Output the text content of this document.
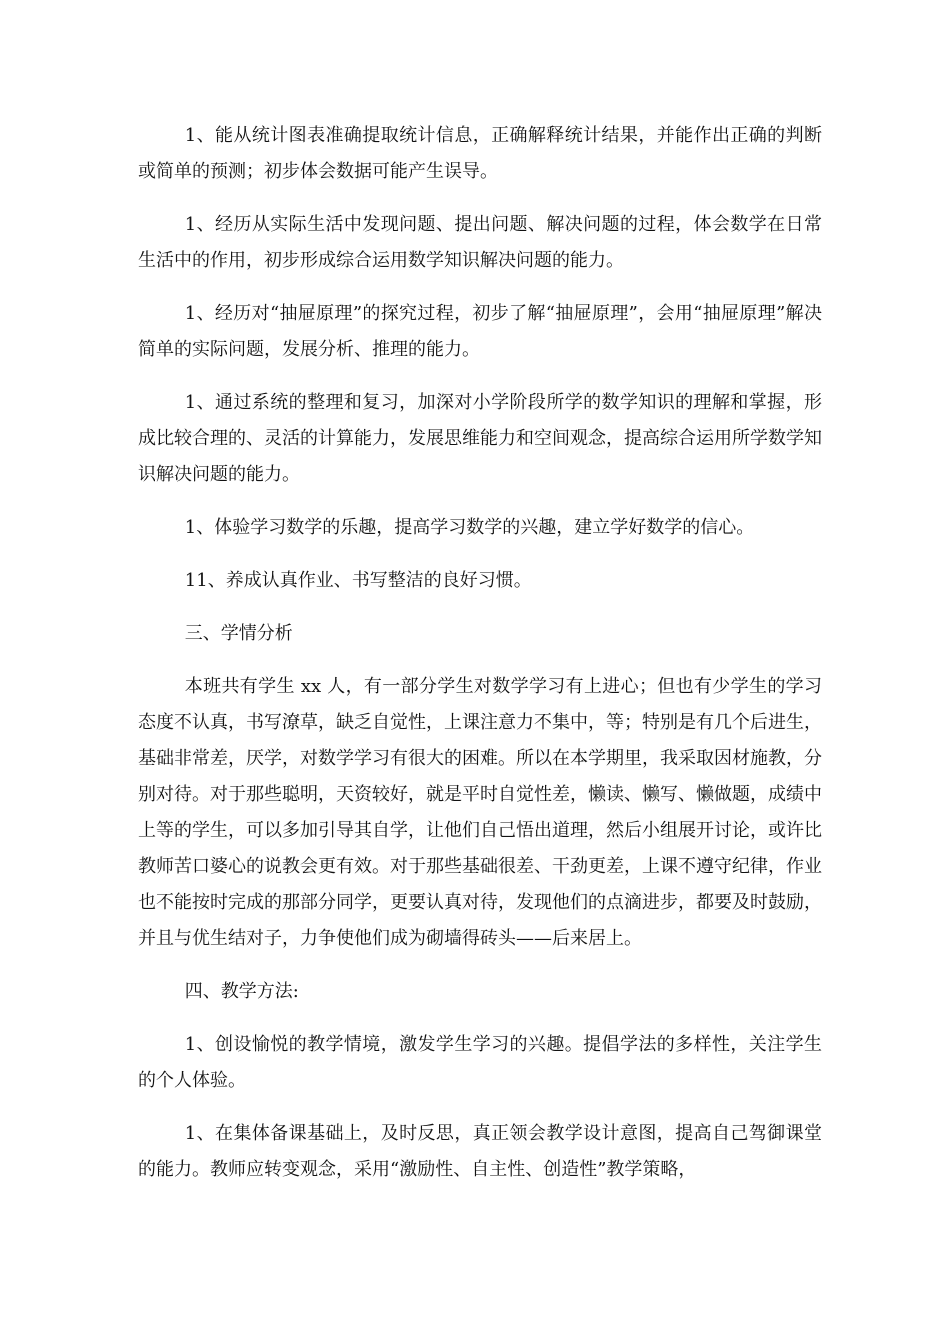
1、能从统计图表准确提取统计信息，正确解释统计结果，并能作出正确的判断或简单的预测；初步体会数据可能产生误导。

1、经历从实际生活中发现问题、提出问题、解决问题的过程，体会数学在日常生活中的作用，初步形成综合运用数学知识解决问题的能力。

1、经历对“抽屉原理”的探究过程，初步了解“抽屉原理”，会用“抽屉原理”解决简单的实际问题，发展分析、推理的能力。

1、通过系统的整理和复习，加深对小学阶段所学的数学知识的理解和掌握，形成比较合理的、灵活的计算能力，发展思维能力和空间观念，提高综合运用所学数学知识解决问题的能力。

1、体验学习数学的乐趣，提高学习数学的兴趣，建立学好数学的信心。

11、养成认真作业、书写整洁的良好习惯。

三、学情分析

本班共有学生 xx 人，有一部分学生对数学学习有上进心；但也有少学生的学习态度不认真，书写潦草，缺乏自觉性，上课注意力不集中，等；特别是有几个后进生，基础非常差，厌学，对数学学习有很大的困难。所以在本学期里，我采取因材施教，分别对待。对于那些聪明，天资较好，就是平时自觉性差，懒读、懒写、懒做题，成绩中上等的学生，可以多加引导其自学，让他们自己悟出道理，然后小组展开讨论，或许比教师苦口婆心的说教会更有效。对于那些基础很差、干劲更差，上课不遵守纪律，作业也不能按时完成的那部分同学，更要认真对待，发现他们的点滴进步，都要及时鼓励，并且与优生结对子，力争使他们成为砌墙得砖头——后来居上。

四、教学方法:

1、创设愉悦的教学情境，激发学生学习的兴趣。提倡学法的多样性，关注学生的个人体验。

1、在集体备课基础上，及时反思，真正领会教学设计意图，提高自己驾御课堂的能力。教师应转变观念，采用“激励性、自主性、创造性”教学策略，
